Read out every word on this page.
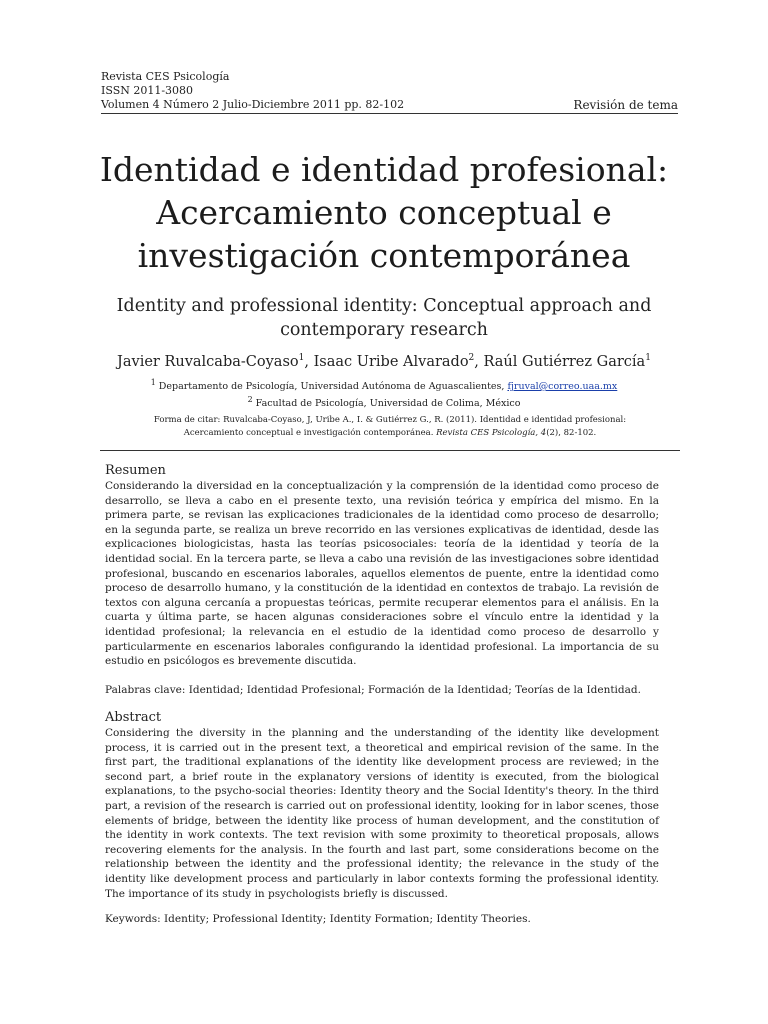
Revista CES Psicología
ISSN 2011-3080
Volumen 4 Número 2 Julio-Diciembre 2011 pp. 82-102	Revisión de tema
Identidad e identidad profesional: Acercamiento conceptual e investigación contemporánea
Identity and professional identity: Conceptual approach and contemporary research
Javier Ruvalcaba-Coyaso$^1$, Isaac Uribe Alvarado$^2$, Raúl Gutiérrez García$^1$
$^1$ Departamento de Psicología, Universidad Autónoma de Aguascalientes, fjruval@correo.uaa.mx
$^2$ Facultad de Psicología, Universidad de Colima, México
Forma de citar: Ruvalcaba-Coyaso, J, Uribe A., I. & Gutiérrez G., R. (2011). Identidad e identidad profesional:
Acercamiento conceptual e investigación contemporánea. Revista CES Psicología, 4(2), 82-102.
Resumen

Considerando la diversidad en la conceptualización y la comprensión de la identidad como proceso de desarrollo, se lleva a cabo en el presente texto, una revisión teórica y empírica del mismo. En la primera parte, se revisan las explicaciones tradicionales de la identidad como proceso de desarrollo; en la segunda parte, se realiza un breve recorrido en las versiones explicativas de identidad, desde las explicaciones biologicistas, hasta las teorías psicosociales: teoría de la identidad y teoría de la identidad social. En la tercera parte, se lleva a cabo una revisión de las investigaciones sobre identidad profesional, buscando en escenarios laborales, aquellos elementos de puente, entre la identidad como proceso de desarrollo humano, y la constitución de la identidad en contextos de trabajo. La revisión de textos con alguna cercanía a propuestas teóricas, permite recuperar elementos para el análisis. En la cuarta y última parte, se hacen algunas consideraciones sobre el vínculo entre la identidad y la identidad profesional; la relevancia en el estudio de la identidad como proceso de desarrollo y particularmente en escenarios laborales configurando la identidad profesional. La importancia de su estudio en psicólogos es brevemente discutida.

Palabras clave: Identidad; Identidad Profesional; Formación de la Identidad; Teorías de la Identidad.
Abstract

Considering the diversity in the planning and the understanding of the identity like development process, it is carried out in the present text, a theoretical and empirical revision of the same. In the first part, the traditional explanations of the identity like development process are reviewed; in the second part, a brief route in the explanatory versions of identity is executed, from the biological explanations, to the psycho-social theories: Identity theory and the Social Identity's theory. In the third part, a revision of the research is carried out on professional identity, looking for in labor scenes, those elements of bridge, between the identity like process of human development, and the constitution of the identity in work contexts. The text revision with some proximity to theoretical proposals, allows recovering elements for the analysis. In the fourth and last part, some considerations become on the relationship between the identity and the professional identity; the relevance in the study of the identity like development process and particularly in labor contexts forming the professional identity. The importance of its study in psychologists briefly is discussed.

Keywords: Identity; Professional Identity; Identity Formation; Identity Theories.
